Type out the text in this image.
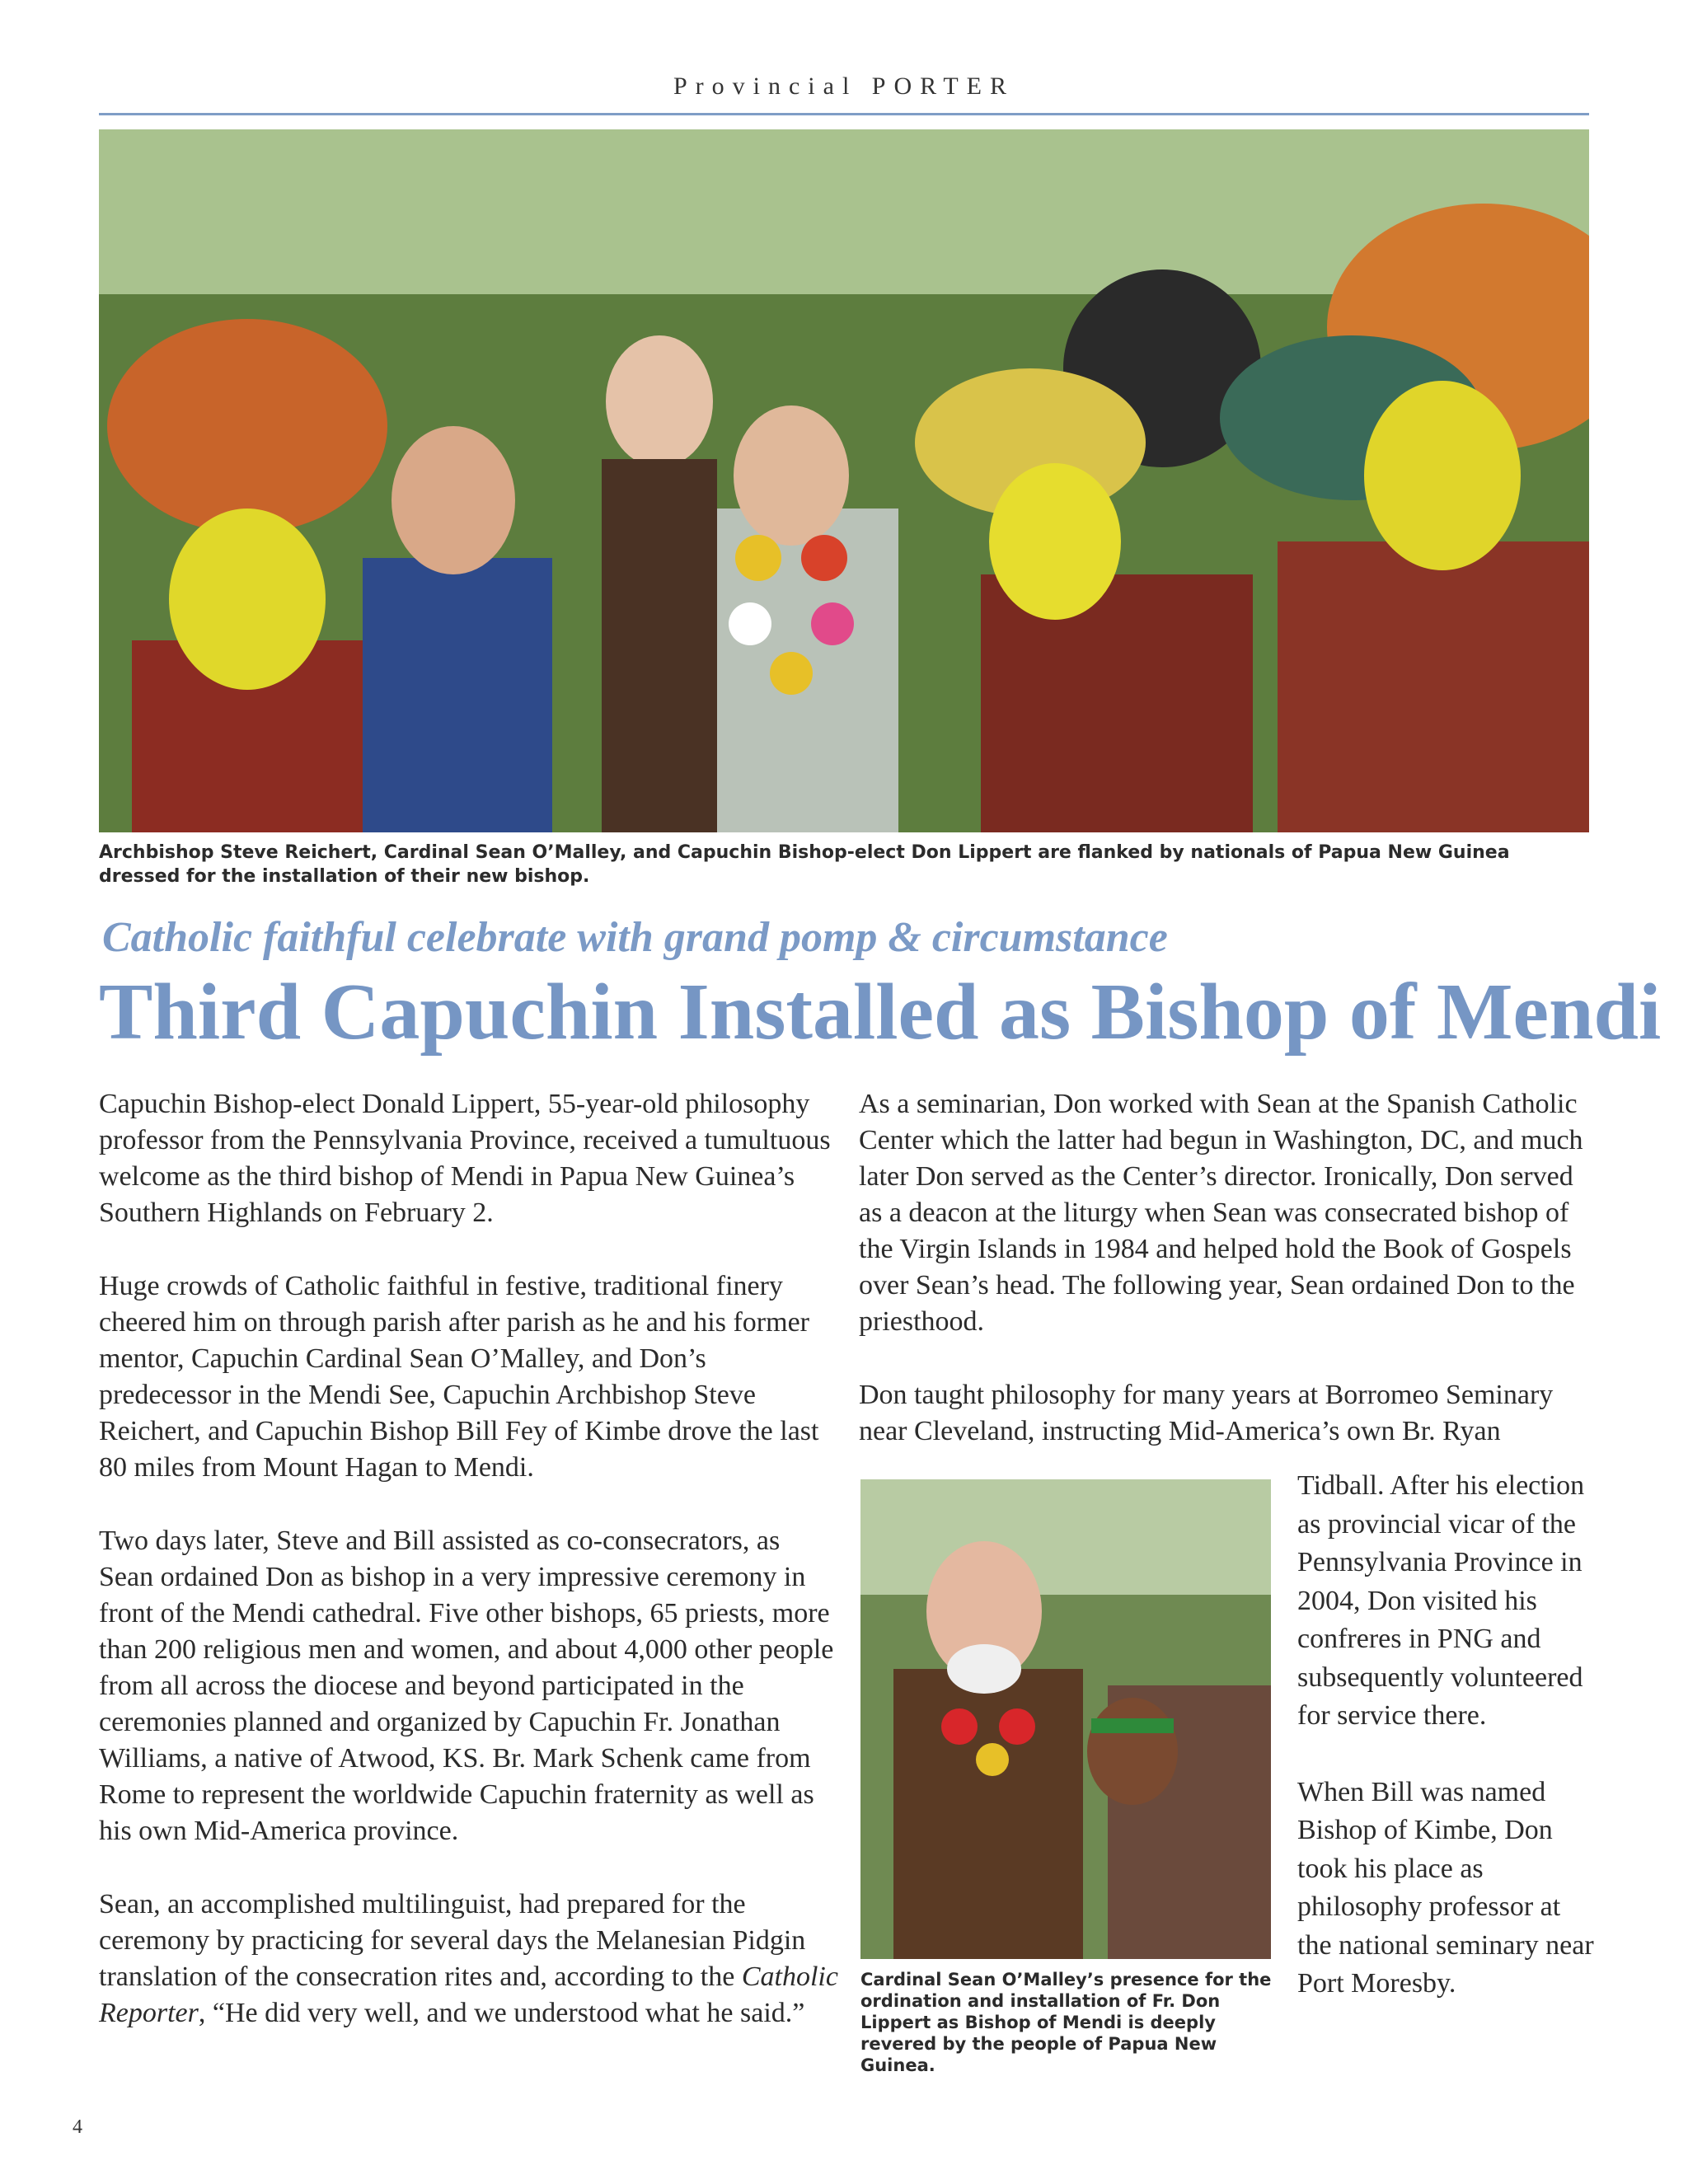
Provincial PORTER
Archbishop Steve Reichert, Cardinal Sean O’Malley, and Capuchin Bishop-elect Don Lippert are flanked by nationals of Papua New Guinea dressed for the installation of their new bishop.
Catholic faithful celebrate with grand pomp & circumstance
Third Capuchin Installed as Bishop of Mendi

Capuchin Bishop-elect Donald Lippert, 55-year-old philosophy professor from the Pennsylvania Province, received a tumultuous welcome as the third bishop of Mendi in Papua New Guinea’s Southern Highlands on February 2.

Huge crowds of Catholic faithful in festive, traditional finery cheered him on through parish after parish as he and his former mentor, Capuchin Cardinal Sean O’Malley, and Don’s predecessor in the Mendi See, Capuchin Archbishop Steve Reichert, and Capuchin Bishop Bill Fey of Kimbe drove the last 80 miles from Mount Hagan to Mendi.

Two days later, Steve and Bill assisted as co-consecrators, as Sean ordained Don as bishop in a very impressive ceremony in front of the Mendi cathedral. Five other bishops, 65 priests, more than 200 religious men and women, and about 4,000 other people from all across the diocese and beyond participated in the ceremonies planned and organized by Capuchin Fr. Jonathan Williams, a native of Atwood, KS. Br. Mark Schenk came from Rome to represent the worldwide Capuchin fraternity as well as his own Mid-America province.

Sean, an accomplished multilinguist, had prepared for the ceremony by practicing for several days the Melanesian Pidgin translation of the consecration rites and, according to the Catholic Reporter, “He did very well, and we understood what he said.”

As a seminarian, Don worked with Sean at the Spanish Catholic Center which the latter had begun in Washington, DC, and much later Don served as the Center’s director. Ironically, Don served as a deacon at the liturgy when Sean was consecrated bishop of the Virgin Islands in 1984 and helped hold the Book of Gospels over Sean’s head. The following year, Sean ordained Don to the priesthood.

Don taught philosophy for many years at Borromeo Seminary near Cleveland, instructing Mid-America’s own Br. Ryan

Cardinal Sean O’Malley’s presence for the ordination and installation of Fr. Don Lippert as Bishop of Mendi is deeply revered by the people of Papua New Guinea.

Tidball. After his election as provincial vicar of the Pennsylvania Province in 2004, Don visited his confreres in PNG and subsequently volunteered for service there.

When Bill was named Bishop of Kimbe, Don took his place as philosophy professor at the national seminary near Port Moresby.

4
